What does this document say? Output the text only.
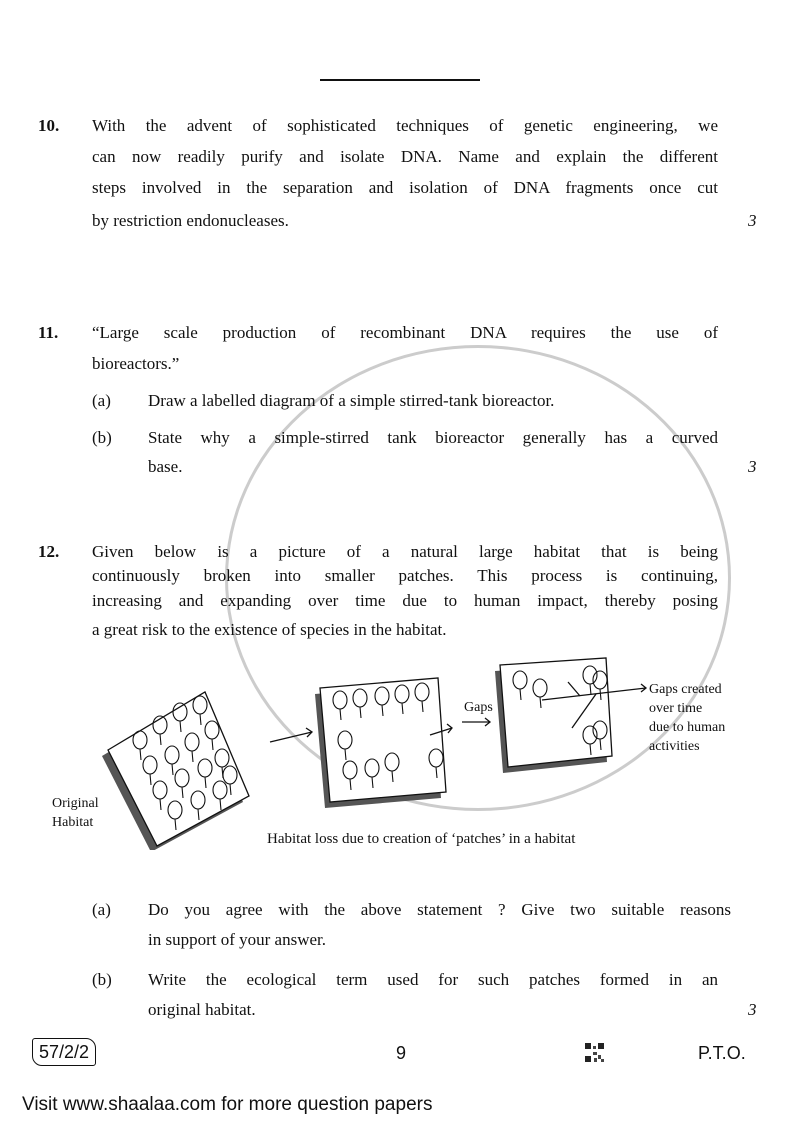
10. With the advent of sophisticated techniques of genetic engineering, we
can now readily purify and isolate DNA. Name and explain the different
steps involved in the separation and isolation of DNA fragments once cut
by restriction endonucleases.	3
11. “Large scale production of recombinant DNA requires the use of
bioreactors.”
(a) Draw a labelled diagram of a simple stirred-tank bioreactor.
(b) State why a simple-stirred tank bioreactor generally has a curved
base.	3
12. Given below is a picture of a natural large habitat that is being
continuously broken into smaller patches. This process is continuing,
increasing and expanding over time due to human impact, thereby posing
a great risk to the existence of species in the habitat.
Original
Habitat
Gaps
Gaps created
over time
due to human
activities
Habitat loss due to creation of ‘patches’ in a habitat
(a) Do you agree with the above statement ? Give two suitable reasons
in support of your answer.
(b) Write the ecological term used for such patches formed in an
original habitat.	3
57/2/2	9	P.T.O.
Visit www.shaalaa.com for more question papers
